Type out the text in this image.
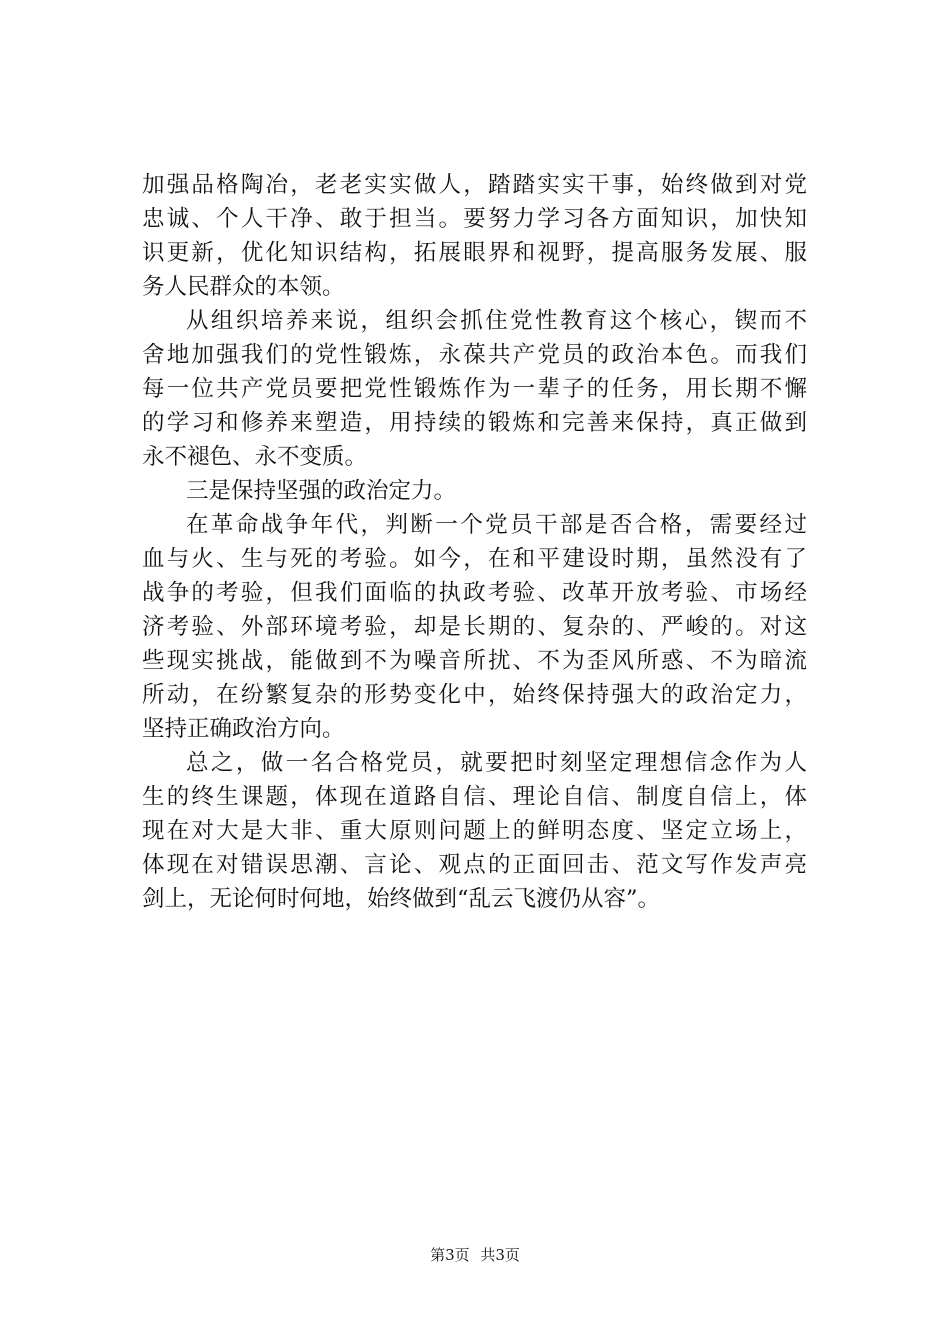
加强品格陶冶，老老实实做人，踏踏实实干事，始终做到对党
忠诚、个人干净、敢于担当。要努力学习各方面知识，加快知
识更新，优化知识结构，拓展眼界和视野，提高服务发展、服
务人民群众的本领。
从组织培养来说，组织会抓住党性教育这个核心，锲而不
舍地加强我们的党性锻炼，永葆共产党员的政治本色。而我们
每一位共产党员要把党性锻炼作为一辈子的任务，用长期不懈
的学习和修养来塑造，用持续的锻炼和完善来保持，真正做到
永不褪色、永不变质。
三是保持坚强的政治定力。
在革命战争年代，判断一个党员干部是否合格，需要经过
血与火、生与死的考验。如今，在和平建设时期，虽然没有了
战争的考验，但我们面临的执政考验、改革开放考验、市场经
济考验、外部环境考验，却是长期的、复杂的、严峻的。对这
些现实挑战，能做到不为噪音所扰、不为歪风所惑、不为暗流
所动，在纷繁复杂的形势变化中，始终保持强大的政治定力，
坚持正确政治方向。
总之，做一名合格党员，就要把时刻坚定理想信念作为人
生的终生课题，体现在道路自信、理论自信、制度自信上，体
现在对大是大非、重大原则问题上的鲜明态度、坚定立场上，
体现在对错误思潮、言论、观点的正面回击、范文写作发声亮
剑上，无论何时何地，始终做到“乱云飞渡仍从容”。
第3页 共3页
